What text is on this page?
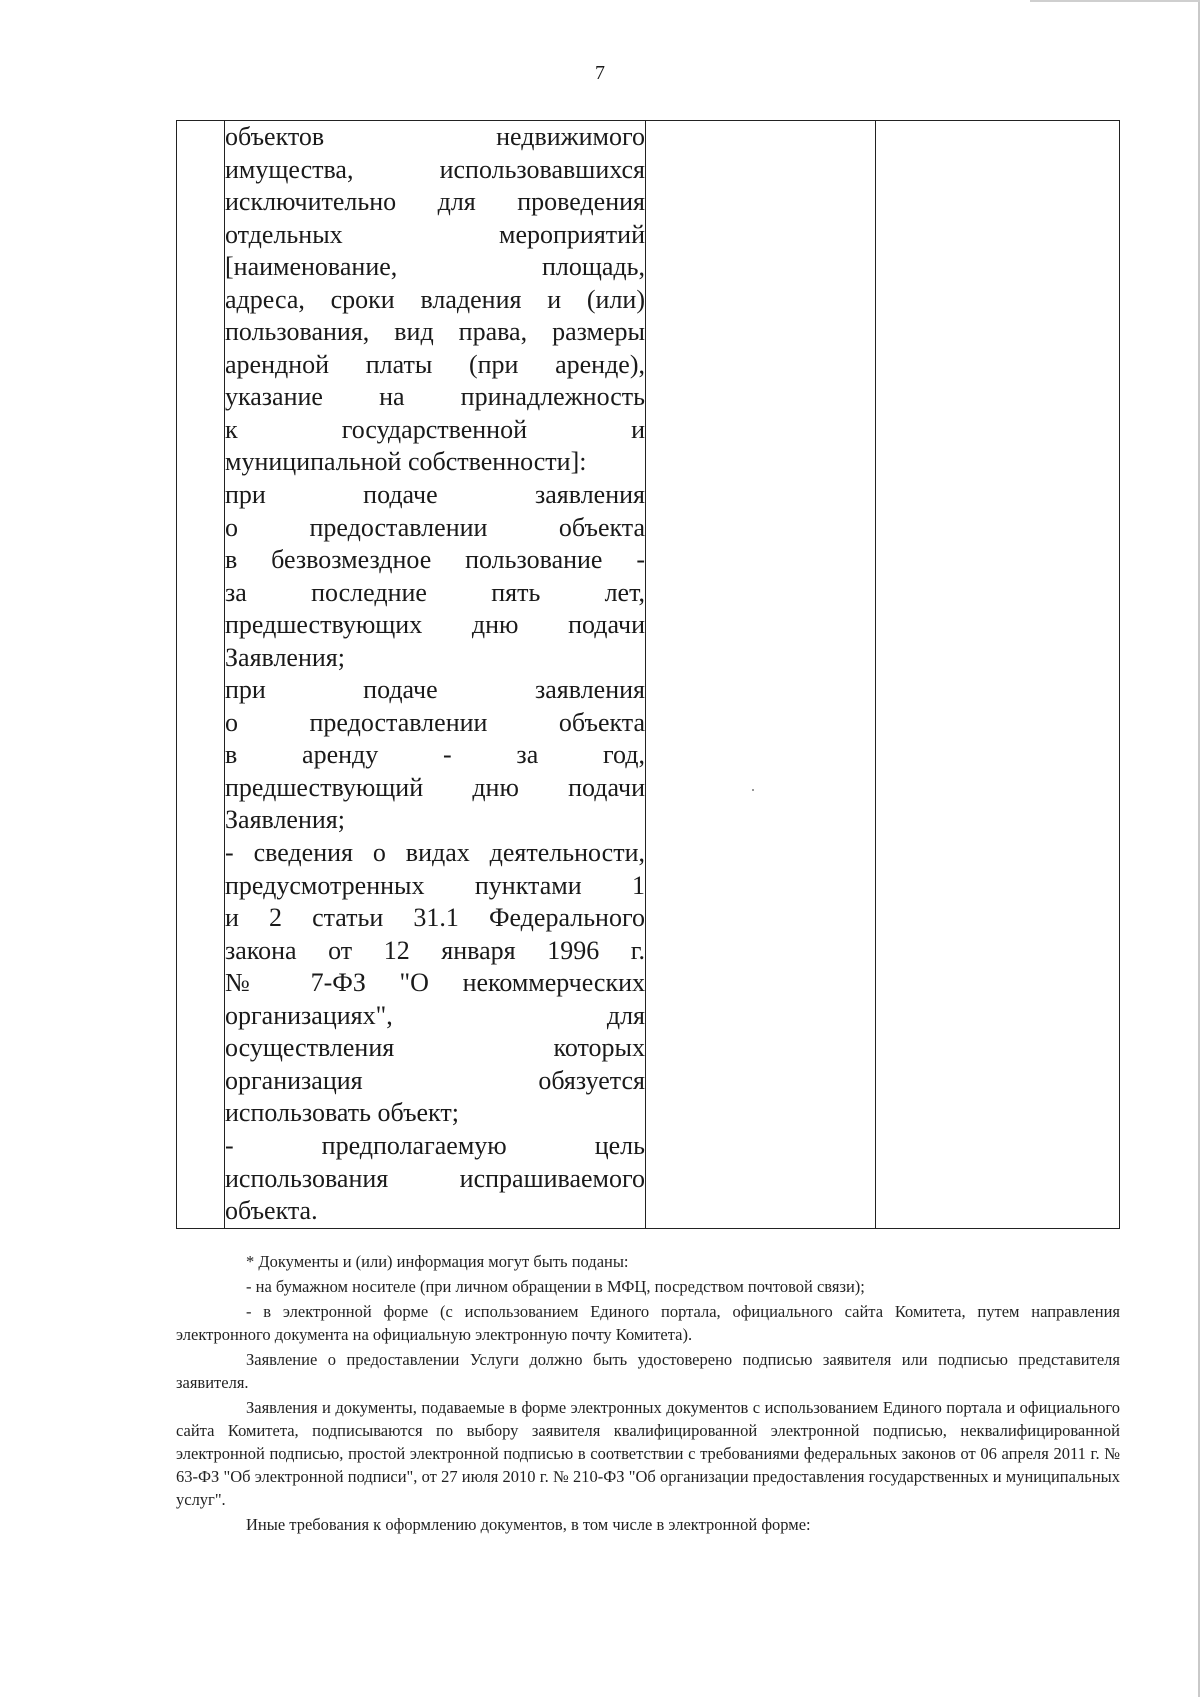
7

объектов недвижимого
имущества, использовавшихся
исключительно для проведения
отдельных мероприятий
[наименование, площадь,
адреса, сроки владения и (или)
пользования, вид права, размеры
арендной платы (при аренде),
указание на принадлежность
к государственной и
муниципальной собственности]:
при подаче заявления
о предоставлении объекта
в безвозмездное пользование -
за последние пять лет,
предшествующих дню подачи
Заявления;
при подаче заявления
о предоставлении объекта
в аренду - за год,
предшествующий дню подачи
Заявления;
- сведения о видах деятельности,
предусмотренных пунктами 1
и 2 статьи 31.1 Федерального
закона от 12 января 1996 г.
№ 7-ФЗ "О некоммерческих
организациях", для
осуществления которых
организация обязуется
использовать объект;
- предполагаемую цель
использования испрашиваемого
объекта.

* Документы и (или) информация могут быть поданы:
- на бумажном носителе (при личном обращении в МФЦ, посредством почтовой связи);
- в электронной форме (с использованием Единого портала, официального сайта Комитета, путем направления электронного документа на официальную электронную почту Комитета).
Заявление о предоставлении Услуги должно быть удостоверено подписью заявителя или подписью представителя заявителя.
Заявления и документы, подаваемые в форме электронных документов с использованием Единого портала и официального сайта Комитета, подписываются по выбору заявителя квалифицированной электронной подписью, неквалифицированной электронной подписью, простой электронной подписью в соответствии с требованиями федеральных законов от 06 апреля 2011 г. № 63-ФЗ "Об электронной подписи", от 27 июля 2010 г. № 210-ФЗ "Об организации предоставления государственных и муниципальных услуг".
Иные требования к оформлению документов, в том числе в электронной форме:
